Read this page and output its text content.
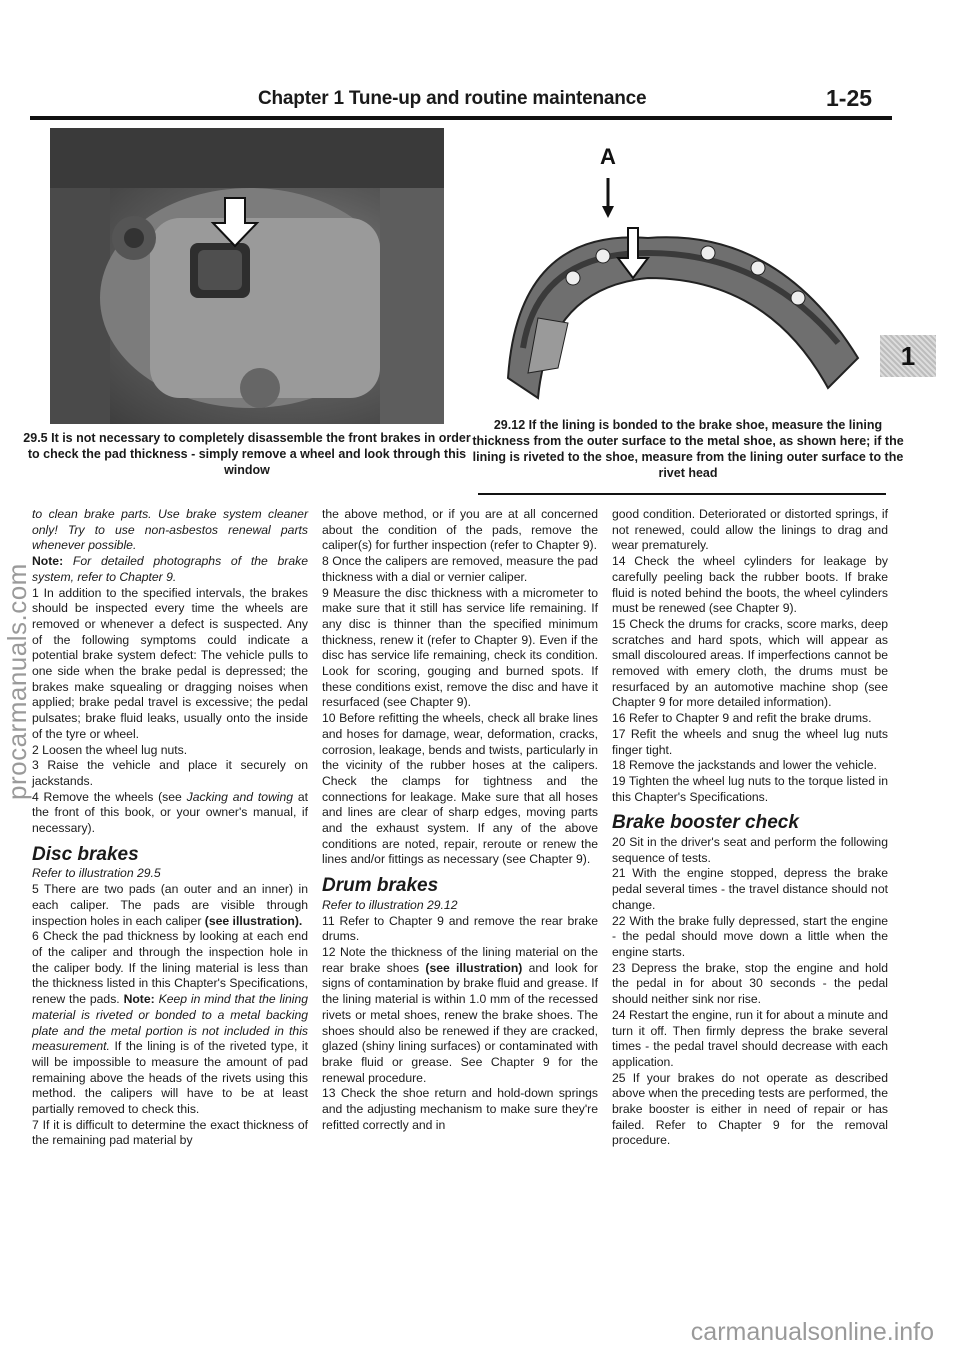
Chapter 1 Tune-up and routine maintenance	1-25
A
29.5 It is not necessary to completely disassemble the front brakes in order to check the pad thickness - simply remove a wheel and look through this window
29.12 If the lining is bonded to the brake shoe, measure the lining thickness from the outer surface to the metal shoe, as shown here; if the lining is riveted to the shoe, measure from the lining outer surface to the rivet head
1

to clean brake parts. Use brake system cleaner only! Try to use non-asbestos renewal parts whenever possible.

Note: For detailed photographs of the brake system, refer to Chapter 9.

1 In addition to the specified intervals, the brakes should be inspected every time the wheels are removed or whenever a defect is suspected. Any of the following symptoms could indicate a potential brake system defect: The vehicle pulls to one side when the brake pedal is depressed; the brakes make squealing or dragging noises when applied; brake pedal travel is excessive; the pedal pulsates; brake fluid leaks, usually onto the inside of the tyre or wheel.

2 Loosen the wheel lug nuts.

3 Raise the vehicle and place it securely on jackstands.

4 Remove the wheels (see Jacking and towing at the front of this book, or your owner's manual, if necessary).

Disc brakes

Refer to illustration 29.5

5 There are two pads (an outer and an inner) in each caliper. The pads are visible through inspection holes in each caliper (see illustration).

6 Check the pad thickness by looking at each end of the caliper and through the inspection hole in the caliper body. If the lining material is less than the thickness listed in this Chapter's Specifications, renew the pads. Note: Keep in mind that the lining material is riveted or bonded to a metal backing plate and the metal portion is not included in this measurement. If the lining is of the riveted type, it will be impossible to measure the amount of pad remaining above the heads of the rivets using this method. the calipers will have to be at least partially removed to check this.

7 If it is difficult to determine the exact thickness of the remaining pad material by

the above method, or if you are at all concerned about the condition of the pads, remove the caliper(s) for further inspection (refer to Chapter 9).

8 Once the calipers are removed, measure the pad thickness with a dial or vernier caliper.

9 Measure the disc thickness with a micrometer to make sure that it still has service life remaining. If any disc is thinner than the specified minimum thickness, renew it (refer to Chapter 9). Even if the disc has service life remaining, check its condition. Look for scoring, gouging and burned spots. If these conditions exist, remove the disc and have it resurfaced (see Chapter 9).

10 Before refitting the wheels, check all brake lines and hoses for damage, wear, deformation, cracks, corrosion, leakage, bends and twists, particularly in the vicinity of the rubber hoses at the calipers. Check the clamps for tightness and the connections for leakage. Make sure that all hoses and lines are clear of sharp edges, moving parts and the exhaust system. If any of the above conditions are noted, repair, reroute or renew the lines and/or fittings as necessary (see Chapter 9).

Drum brakes

Refer to illustration 29.12

11 Refer to Chapter 9 and remove the rear brake drums.

12 Note the thickness of the lining material on the rear brake shoes (see illustration) and look for signs of contamination by brake fluid and grease. If the lining material is within 1.0 mm of the recessed rivets or metal shoes, renew the brake shoes. The shoes should also be renewed if they are cracked, glazed (shiny lining surfaces) or contaminated with brake fluid or grease. See Chapter 9 for the renewal procedure.

13 Check the shoe return and hold-down springs and the adjusting mechanism to make sure they're refitted correctly and in

good condition. Deteriorated or distorted springs, if not renewed, could allow the linings to drag and wear prematurely.

14 Check the wheel cylinders for leakage by carefully peeling back the rubber boots. If brake fluid is noted behind the boots, the wheel cylinders must be renewed (see Chapter 9).

15 Check the drums for cracks, score marks, deep scratches and hard spots, which will appear as small discoloured areas. If imperfections cannot be removed with emery cloth, the drums must be resurfaced by an automotive machine shop (see Chapter 9 for more detailed information).

16 Refer to Chapter 9 and refit the brake drums.

17 Refit the wheels and snug the wheel lug nuts finger tight.

18 Remove the jackstands and lower the vehicle.

19 Tighten the wheel lug nuts to the torque listed in this Chapter's Specifications.

Brake booster check

20 Sit in the driver's seat and perform the following sequence of tests.

21 With the engine stopped, depress the brake pedal several times - the travel distance should not change.

22 With the brake fully depressed, start the engine - the pedal should move down a little when the engine starts.

23 Depress the brake, stop the engine and hold the pedal in for about 30 seconds - the pedal should neither sink nor rise.

24 Restart the engine, run it for about a minute and turn it off. Then firmly depress the brake several times - the pedal travel should decrease with each application.

25 If your brakes do not operate as described above when the preceding tests are performed, the brake booster is either in need of repair or has failed. Refer to Chapter 9 for the removal procedure.

procarmanuals.com
carmanualsonline.info
